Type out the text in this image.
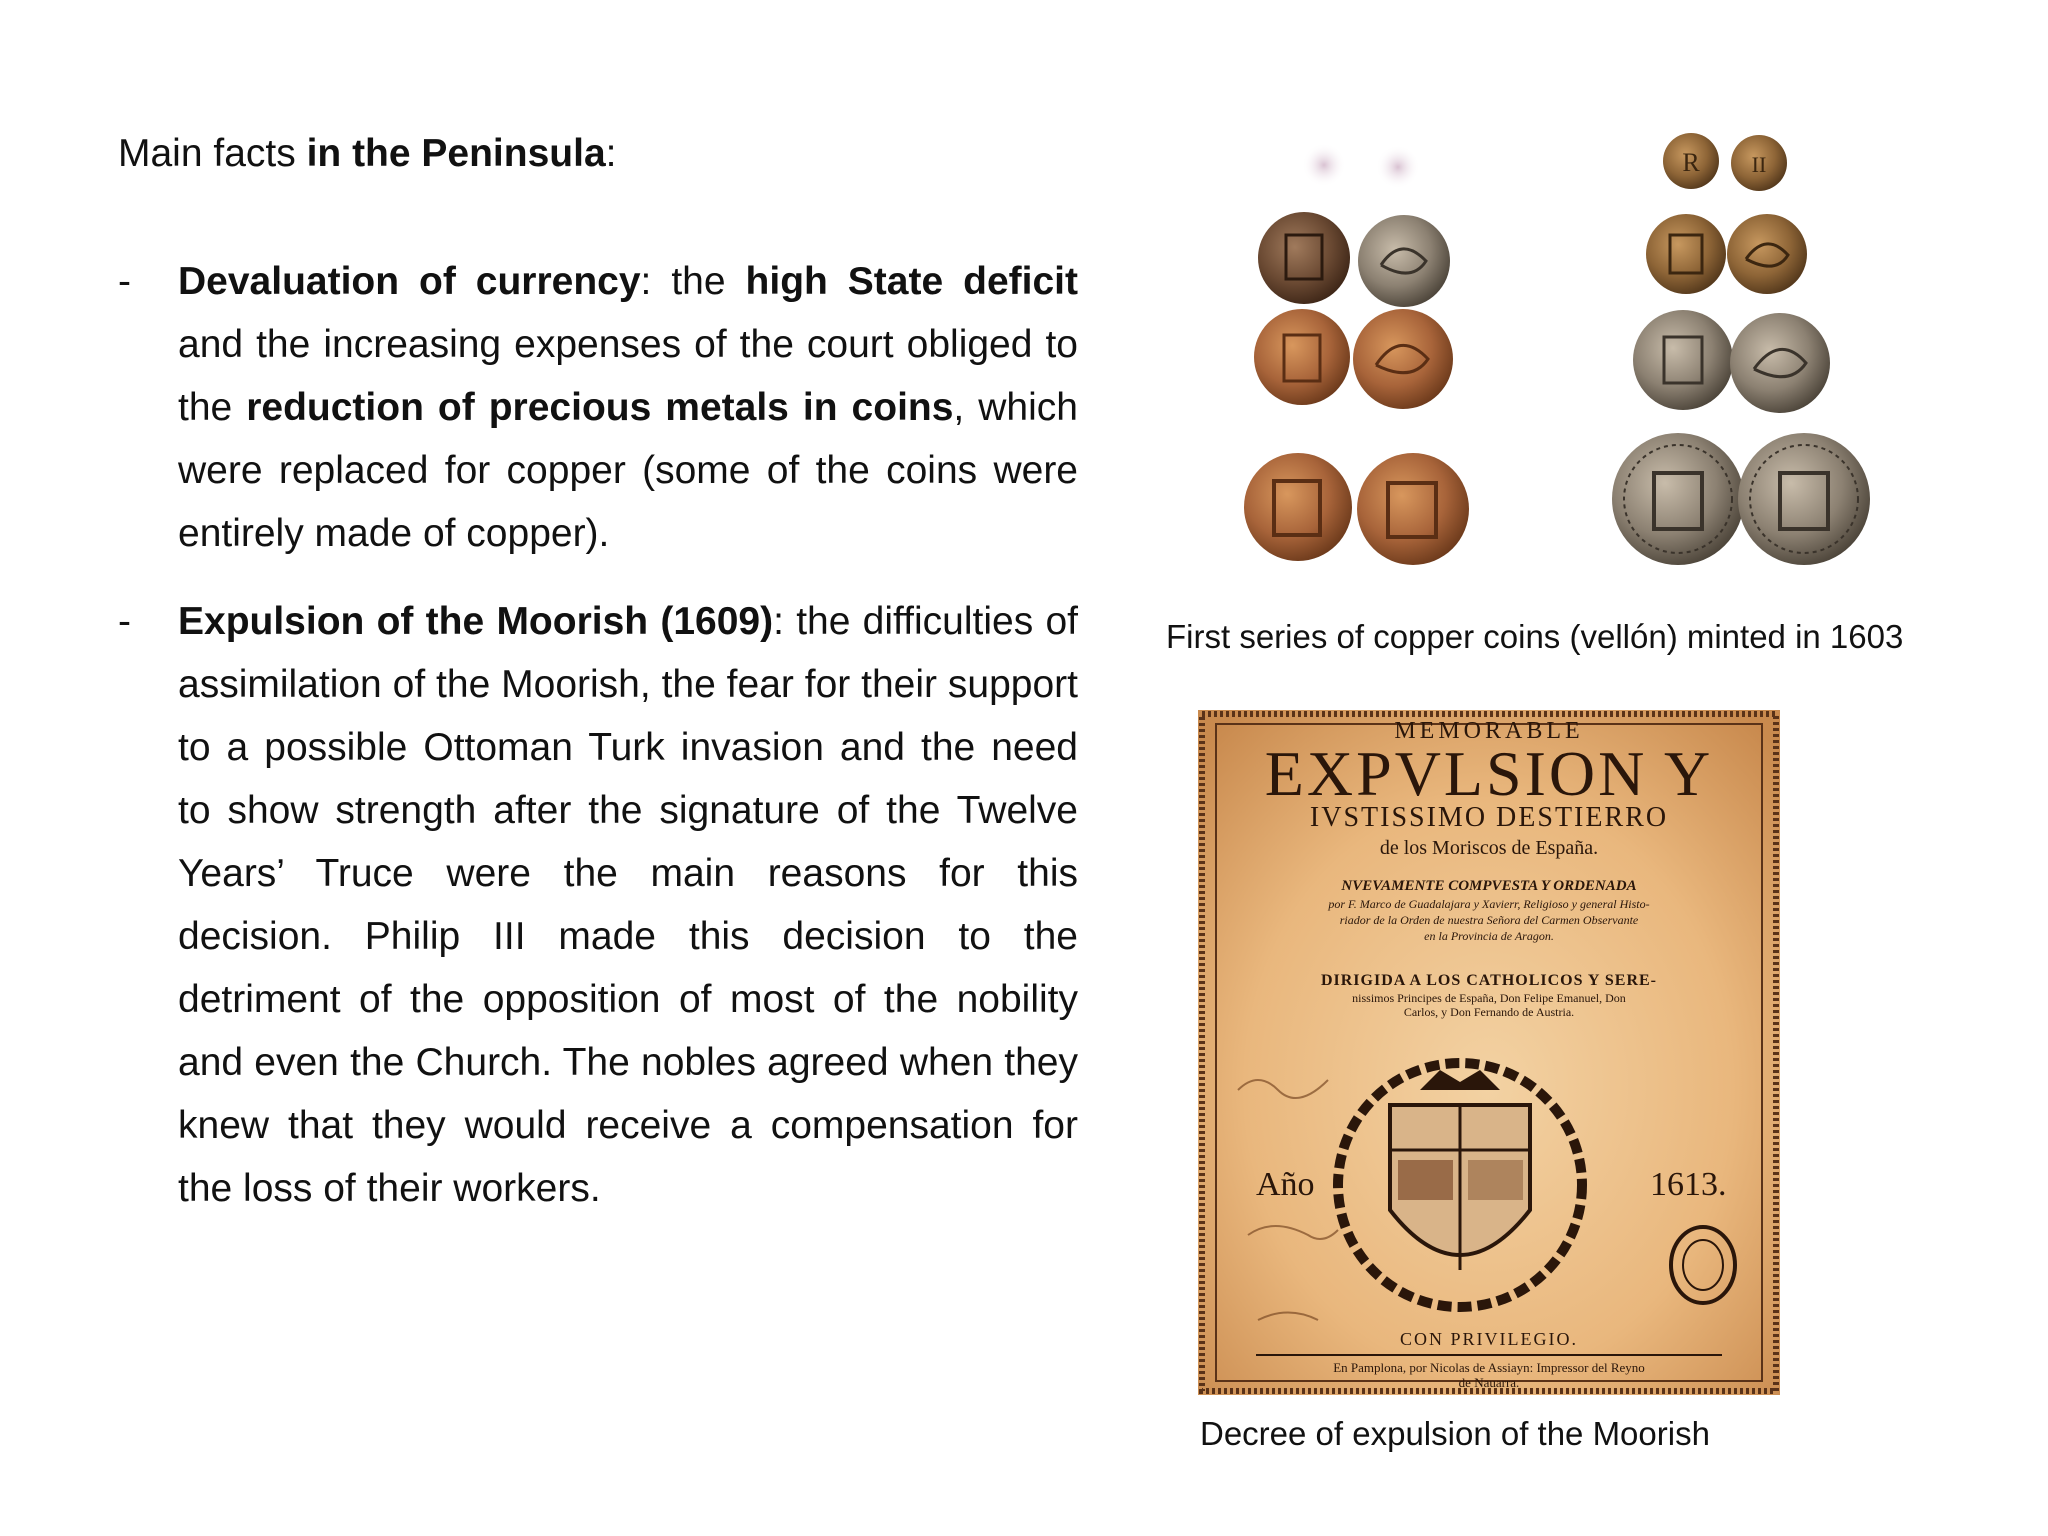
Main facts in the Peninsula:
- Devaluation of currency: the high State deficit and the increasing expenses of the court obliged to the reduction of precious metals in coins, which were replaced for copper (some of the coins were entirely made of copper).
- Expulsion of the Moorish (1609): the difficulties of assimilation of the Moorish, the fear for their support to a possible Ottoman Turk invasion and the need to show strength after the signature of the Twelve Years’ Truce were the main reasons for this decision. Philip III made this decision to the detriment of the opposition of most of the nobility and even the Church. The nobles agreed when they knew that they would receive a compensation for the loss of their workers.
R II
First series of copper coins (vellón) minted in 1603
MEMORABLE
EXPVLSION Y
IVSTISSIMO DESTIERRO
de los Moriscos de España.
NVEVAMENTE COMPVESTA Y ORDENADA
por F. Marco de Guadalajara y Xavierr, Religioso y general Histo-
riador de la Orden de nuestra Señora del Carmen Observante
en la Provincia de Aragon.
DIRIGIDA A LOS CATHOLICOS Y SERE-
nissimos Principes de España, Don Felipe Emanuel, Don
Carlos, y Don Fernando de Austria.
Año	1613.
CON PRIVILEGIO.
En Pamplona, por Nicolas de Assiayn: Impressor del Reyno
de Nauarra.
Decree of expulsion of the Moorish
